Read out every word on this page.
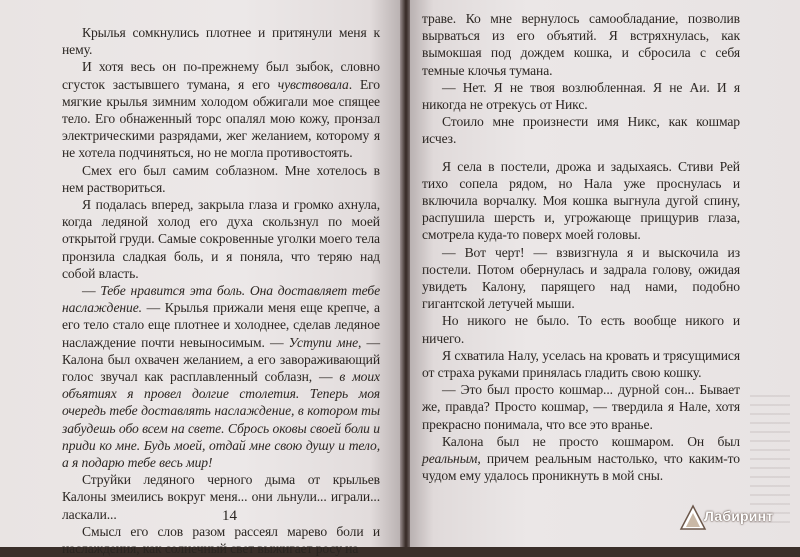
Крылья сомкнулись плотнее и притянули меня к нему.

И хотя весь он по-прежнему был зыбок, словно сгусток застывшего тумана, я его чувствовала. Его мягкие крылья зимним холодом обжигали мое спящее тело. Его обнаженный торс опалял мою кожу, пронзал электрическими разрядами, жег желанием, которому я не хотела подчиняться, но не могла противостоять.

Смех его был самим соблазном. Мне хотелось в нем раствориться.

Я подалась вперед, закрыла глаза и громко ахнула, когда ледяной холод его духа скользнул по моей открытой груди. Самые сокровенные уголки моего тела пронзила сладкая боль, и я поняла, что теряю над собой власть.

— Тебе нравится эта боль. Она доставляет тебе наслаждение. — Крылья прижали меня еще крепче, а его тело стало еще плотнее и холоднее, сделав ледяное наслаждение почти невыносимым. — Уступи мне, — Калона был охвачен желанием, а его завораживающий голос звучал как расплавленный соблазн, — в моих объятиях я провел долгие столетия. Теперь моя очередь тебе доставлять наслаждение, в котором ты забудешь обо всем на свете. Сбрось оковы своей боли и приди ко мне. Будь моей, отдай мне свою душу и тело, а я подарю тебе весь мир!

Струйки ледяного черного дыма от крыльев Калоны змеились вокруг меня... они льнули... играли... ласкали...

Смысл его слов разом рассеял марево боли и наслаждения, как солнечный свет выжигает росу на

14

траве. Ко мне вернулось самообладание, позволив вырваться из его объятий. Я встряхнулась, как вымокшая под дождем кошка, и сбросила с себя темные клочья тумана.

— Нет. Я не твоя возлюбленная. Я не Аи. И я никогда не отрекусь от Никс.

Стоило мне произнести имя Никс, как кошмар исчез.

Я села в постели, дрожа и задыхаясь. Стиви Рей тихо сопела рядом, но Нала уже проснулась и включила ворчалку. Моя кошка выгнула дугой спину, распушила шерсть и, угрожающе прищурив глаза, смотрела куда-то поверх моей головы.

— Вот черт! — взвизгнула я и выскочила из постели. Потом обернулась и задрала голову, ожидая увидеть Калону, парящего над нами, подобно гигантской летучей мыши.

Но никого не было. То есть вообще никого и ничего.

Я схватила Налу, уселась на кровать и трясущимися от страха руками принялась гладить свою кошку.

— Это был просто кошмар... дурной сон... Бывает же, правда? Просто кошмар, — твердила я Нале, хотя прекрасно понимала, что все это вранье.

Калона был не просто кошмаром. Он был реальным, причем реальным настолько, что каким-то чудом ему удалось проникнуть в мой сны.

Лабиринт
